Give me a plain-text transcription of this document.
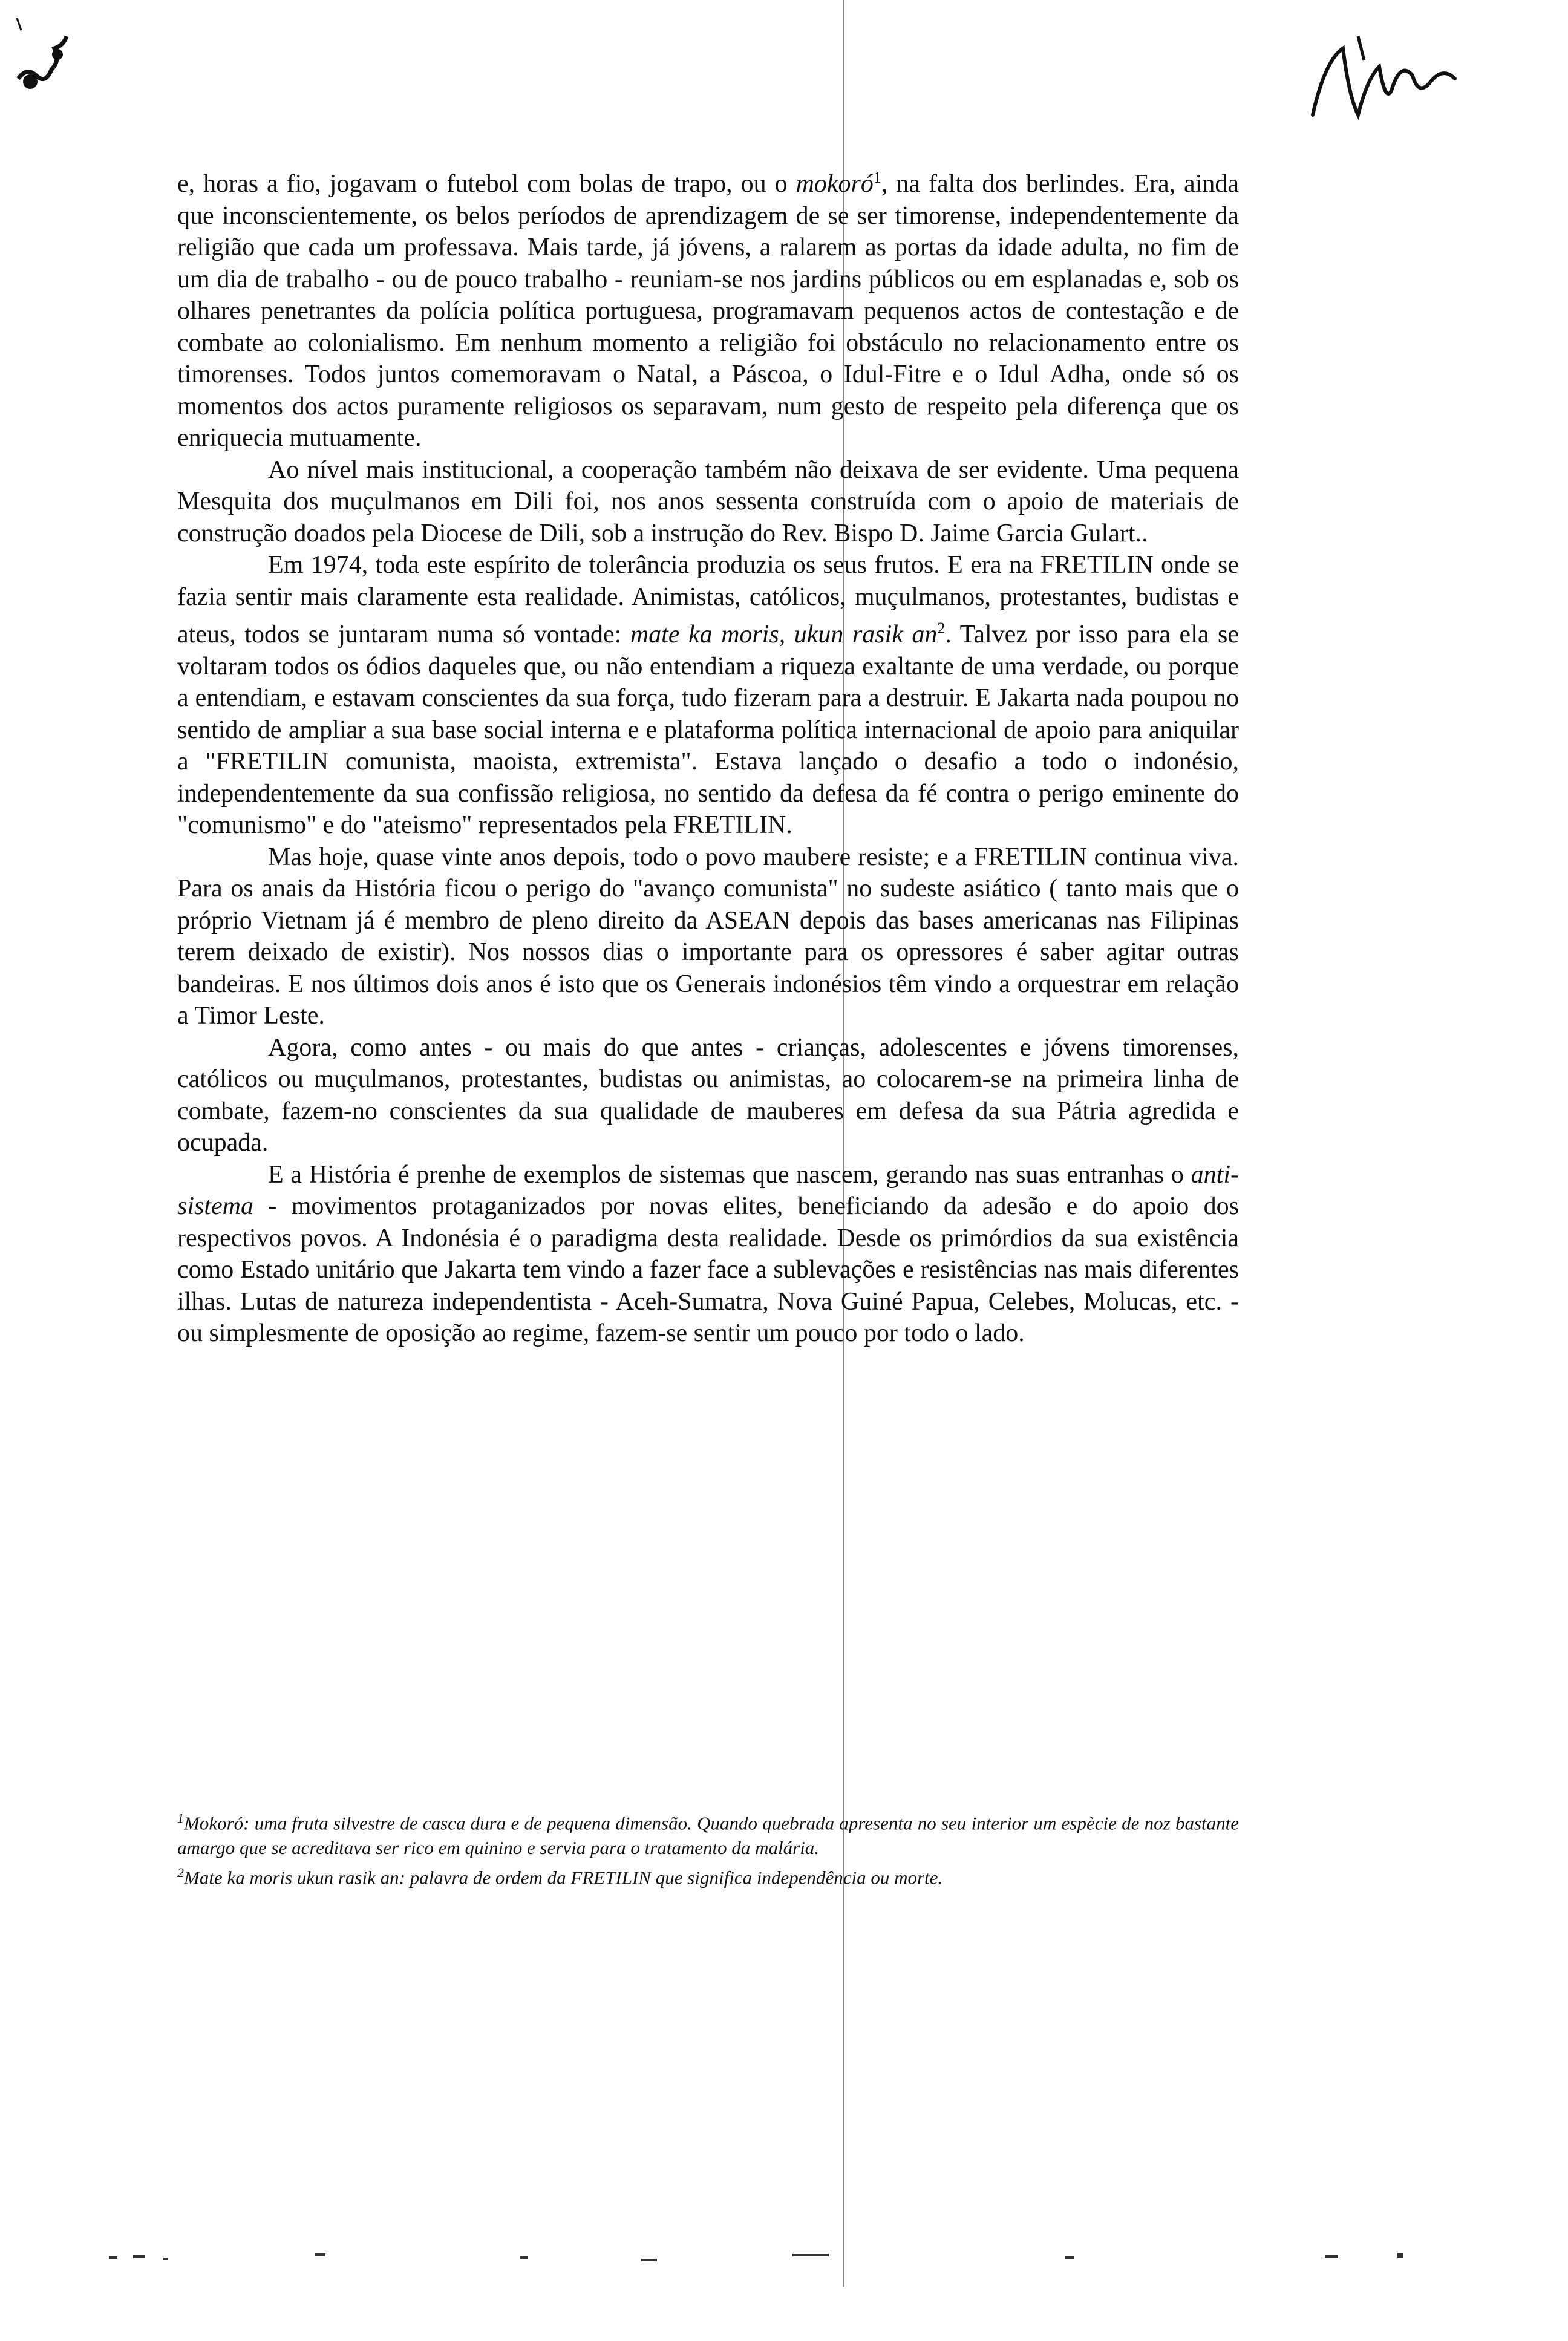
e, horas a fio, jogavam o futebol com bolas de trapo, ou o mokoró$^1$, na falta dos berlindes. Era, ainda que inconscientemente, os belos períodos de aprendizagem de se ser timorense, independentemente da religião que cada um professava. Mais tarde, já jóvens, a ralarem as portas da idade adulta, no fim de um dia de trabalho - ou de pouco trabalho - reuniam-se nos jardins públicos ou em esplanadas e, sob os olhares penetrantes da polícia política portuguesa, programavam pequenos actos de contestação e de combate ao colonialismo. Em nenhum momento a religião foi obstáculo no relacionamento entre os timorenses. Todos juntos comemoravam o Natal, a Páscoa, o Idul-Fitre e o Idul Adha, onde só os momentos dos actos puramente religiosos os separavam, num gesto de respeito pela diferença que os enriquecia mutuamente.

Ao nível mais institucional, a cooperação também não deixava de ser evidente. Uma pequena Mesquita dos muçulmanos em Dili foi, nos anos sessenta construída com o apoio de materiais de construção doados pela Diocese de Dili, sob a instrução do Rev. Bispo D. Jaime Garcia Gulart..

Em 1974, toda este espírito de tolerância produzia os seus frutos. E era na FRETILIN onde se fazia sentir mais claramente esta realidade. Animistas, católicos, muçulmanos, protestantes, budistas e ateus, todos se juntaram numa só vontade: mate ka moris, ukun rasik $an^2$. Talvez por isso para ela se voltaram todos os ódios daqueles que, ou não entendiam a riqueza exaltante de uma verdade, ou porque a entendiam, e estavam conscientes da sua força, tudo fizeram para a destruir. E Jakarta nada poupou no sentido de ampliar a sua base social interna e e plataforma política internacional de apoio para aniquilar a "FRETILIN comunista, maoista, extremista". Estava lançado o desafio a todo o indonésio, independentemente da sua confissão religiosa, no sentido da defesa da fé contra o perigo eminente do "comunismo" e do "ateismo" representados pela FRETILIN.

Mas hoje, quase vinte anos depois, todo o povo maubere resiste; e a FRETILIN continua viva. Para os anais da História ficou o perigo do "avanço comunista" no sudeste asiático ( tanto mais que o próprio Vietnam já é membro de pleno direito da ASEAN depois das bases americanas nas Filipinas terem deixado de existir). Nos nossos dias o importante para os opressores é saber agitar outras bandeiras. E nos últimos dois anos é isto que os Generais indonésios têm vindo a orquestrar em relação a Timor Leste.

Agora, como antes - ou mais do que antes - crianças, adolescentes e jóvens timorenses, católicos ou muçulmanos, protestantes, budistas ou animistas, ao colocarem-se na primeira linha de combate, fazem-no conscientes da sua qualidade de mauberes em defesa da sua Pátria agredida e ocupada.

E a História é prenhe de exemplos de sistemas que nascem, gerando nas suas entranhas o anti-sistema - movimentos protaganizados por novas elites, beneficiando da adesão e do apoio dos respectivos povos. A Indonésia é o paradigma desta realidade. Desde os primórdios da sua existência como Estado unitário que Jakarta tem vindo a fazer face a sublevações e resistências nas mais diferentes ilhas. Lutas de natureza independentista - Aceh-Sumatra, Nova Guiné Papua, Celebes, Molucas, etc. - ou simplesmente de oposição ao regime, fazem-se sentir um pouco por todo o lado.

$^1$Mokoró: uma fruta silvestre de casca dura e de pequena dimensão. Quando quebrada apresenta no seu interior um espècie de noz bastante amargo que se acreditava ser rico em quinino e servia para o tratamento da malária.

$^2$Mate ka moris ukun rasik an: palavra de ordem da FRETILIN que significa independência ou morte.
